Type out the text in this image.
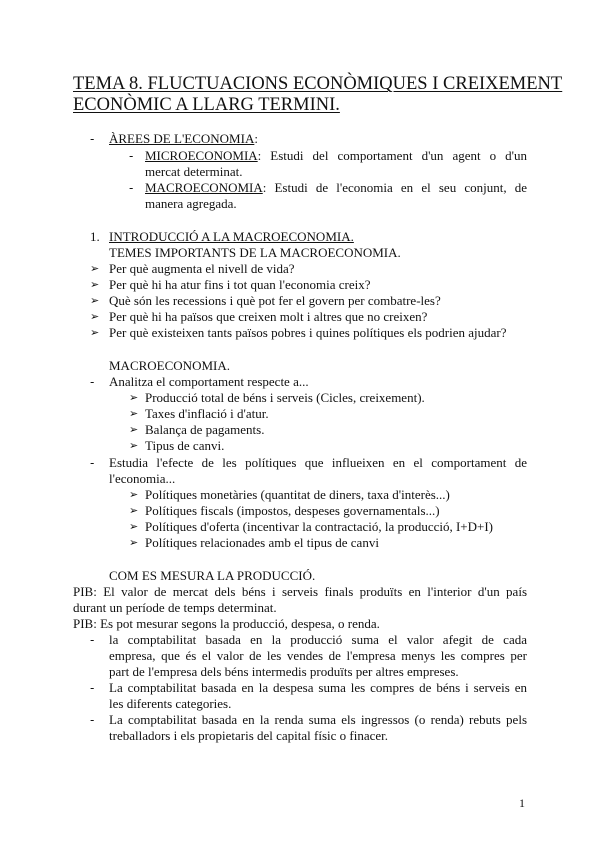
TEMA 8. FLUCTUACIONS ECONÒMIQUES I CREIXEMENT
ECONÒMIC A LLARG TERMINI.
- ÀREES DE L'ECONOMIA:
- MICROECONOMIA: Estudi del comportament d'un agent o d'un
mercat determinat.
- MACROECONOMIA: Estudi de l'economia en el seu conjunt, de
manera agregada.
1. INTRODUCCIÓ A LA MACROECONOMIA.
TEMES IMPORTANTS DE LA MACROECONOMIA.
➢ Per què augmenta el nivell de vida?
➢ Per què hi ha atur fins i tot quan l'economia creix?
➢ Què són les recessions i què pot fer el govern per combatre-les?
➢ Per què hi ha països que creixen molt i altres que no creixen?
➢ Per què existeixen tants països pobres i quines polítiques els podrien ajudar?
MACROECONOMIA.
- Analitza el comportament respecte a...
➢ Producció total de béns i serveis (Cicles, creixement).
➢ Taxes d'inflació i d'atur.
➢ Balança de pagaments.
➢ Tipus de canvi.
- Estudia l'efecte de les polítiques que influeixen en el comportament de
l'economia...
➢ Polítiques monetàries (quantitat de diners, taxa d'interès...)
➢ Polítiques fiscals (impostos, despeses governamentals...)
➢ Polítiques d'oferta (incentivar la contractació, la producció, I+D+I)
➢ Polítiques relacionades amb el tipus de canvi
COM ES MESURA LA PRODUCCIÓ.
PIB: El valor de mercat dels béns i serveis finals produïts en l'interior d'un país
durant un període de temps determinat.
PIB: Es pot mesurar segons la producció, despesa, o renda.
- la comptabilitat basada en la producció suma el valor afegit de cada
empresa, que és el valor de les vendes de l'empresa menys les compres per
part de l'empresa dels béns intermedis produïts per altres empreses.
- La comptabilitat basada en la despesa suma les compres de béns i serveis en
les diferents categories.
- La comptabilitat basada en la renda suma els ingressos (o renda) rebuts pels
treballadors i els propietaris del capital físic o finacer.
1
